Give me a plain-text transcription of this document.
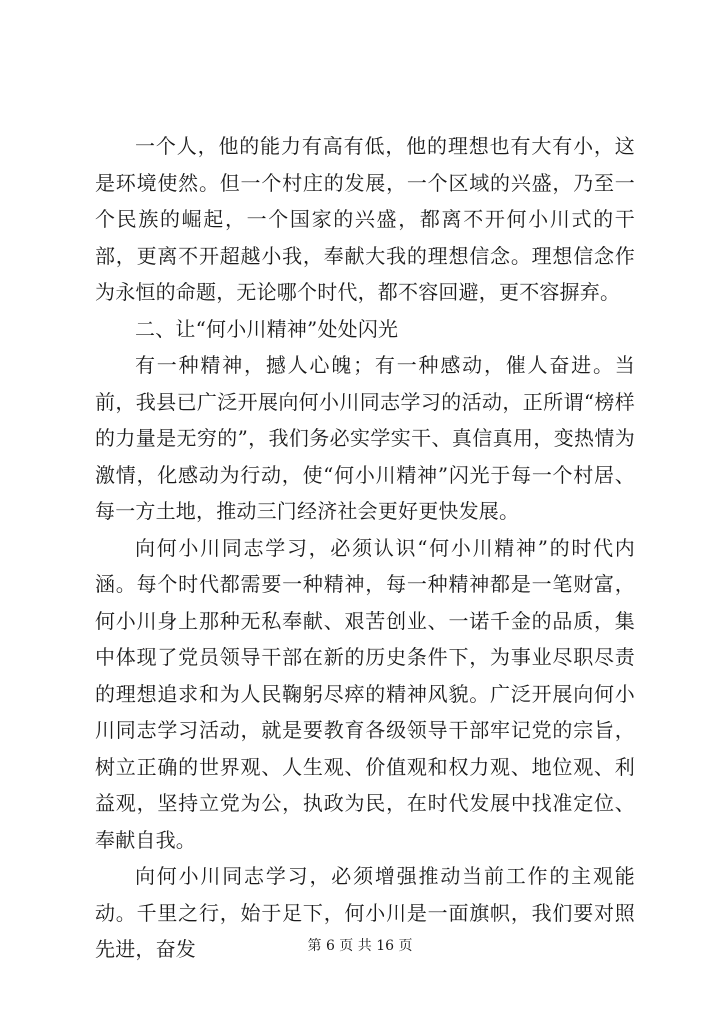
一个人，他的能力有高有低，他的理想也有大有小，这是环境使然。但一个村庄的发展，一个区域的兴盛，乃至一个民族的崛起，一个国家的兴盛，都离不开何小川式的干部，更离不开超越小我，奉献大我的理想信念。理想信念作为永恒的命题，无论哪个时代，都不容回避，更不容摒弃。

二、让“何小川精神”处处闪光

有一种精神，撼人心魄；有一种感动，催人奋进。当前，我县已广泛开展向何小川同志学习的活动，正所谓“榜样的力量是无穷的”，我们务必实学实干、真信真用，变热情为激情，化感动为行动，使“何小川精神”闪光于每一个村居、每一方土地，推动三门经济社会更好更快发展。

向何小川同志学习，必须认识“何小川精神”的时代内涵。每个时代都需要一种精神，每一种精神都是一笔财富，何小川身上那种无私奉献、艰苦创业、一诺千金的品质，集中体现了党员领导干部在新的历史条件下，为事业尽职尽责的理想追求和为人民鞠躬尽瘁的精神风貌。广泛开展向何小川同志学习活动，就是要教育各级领导干部牢记党的宗旨，树立正确的世界观、人生观、价值观和权力观、地位观、利益观，坚持立党为公，执政为民，在时代发展中找准定位、奉献自我。

向何小川同志学习，必须增强推动当前工作的主观能动。千里之行，始于足下，何小川是一面旗帜，我们要对照先进，奋发	第 6 页 共 16 页
